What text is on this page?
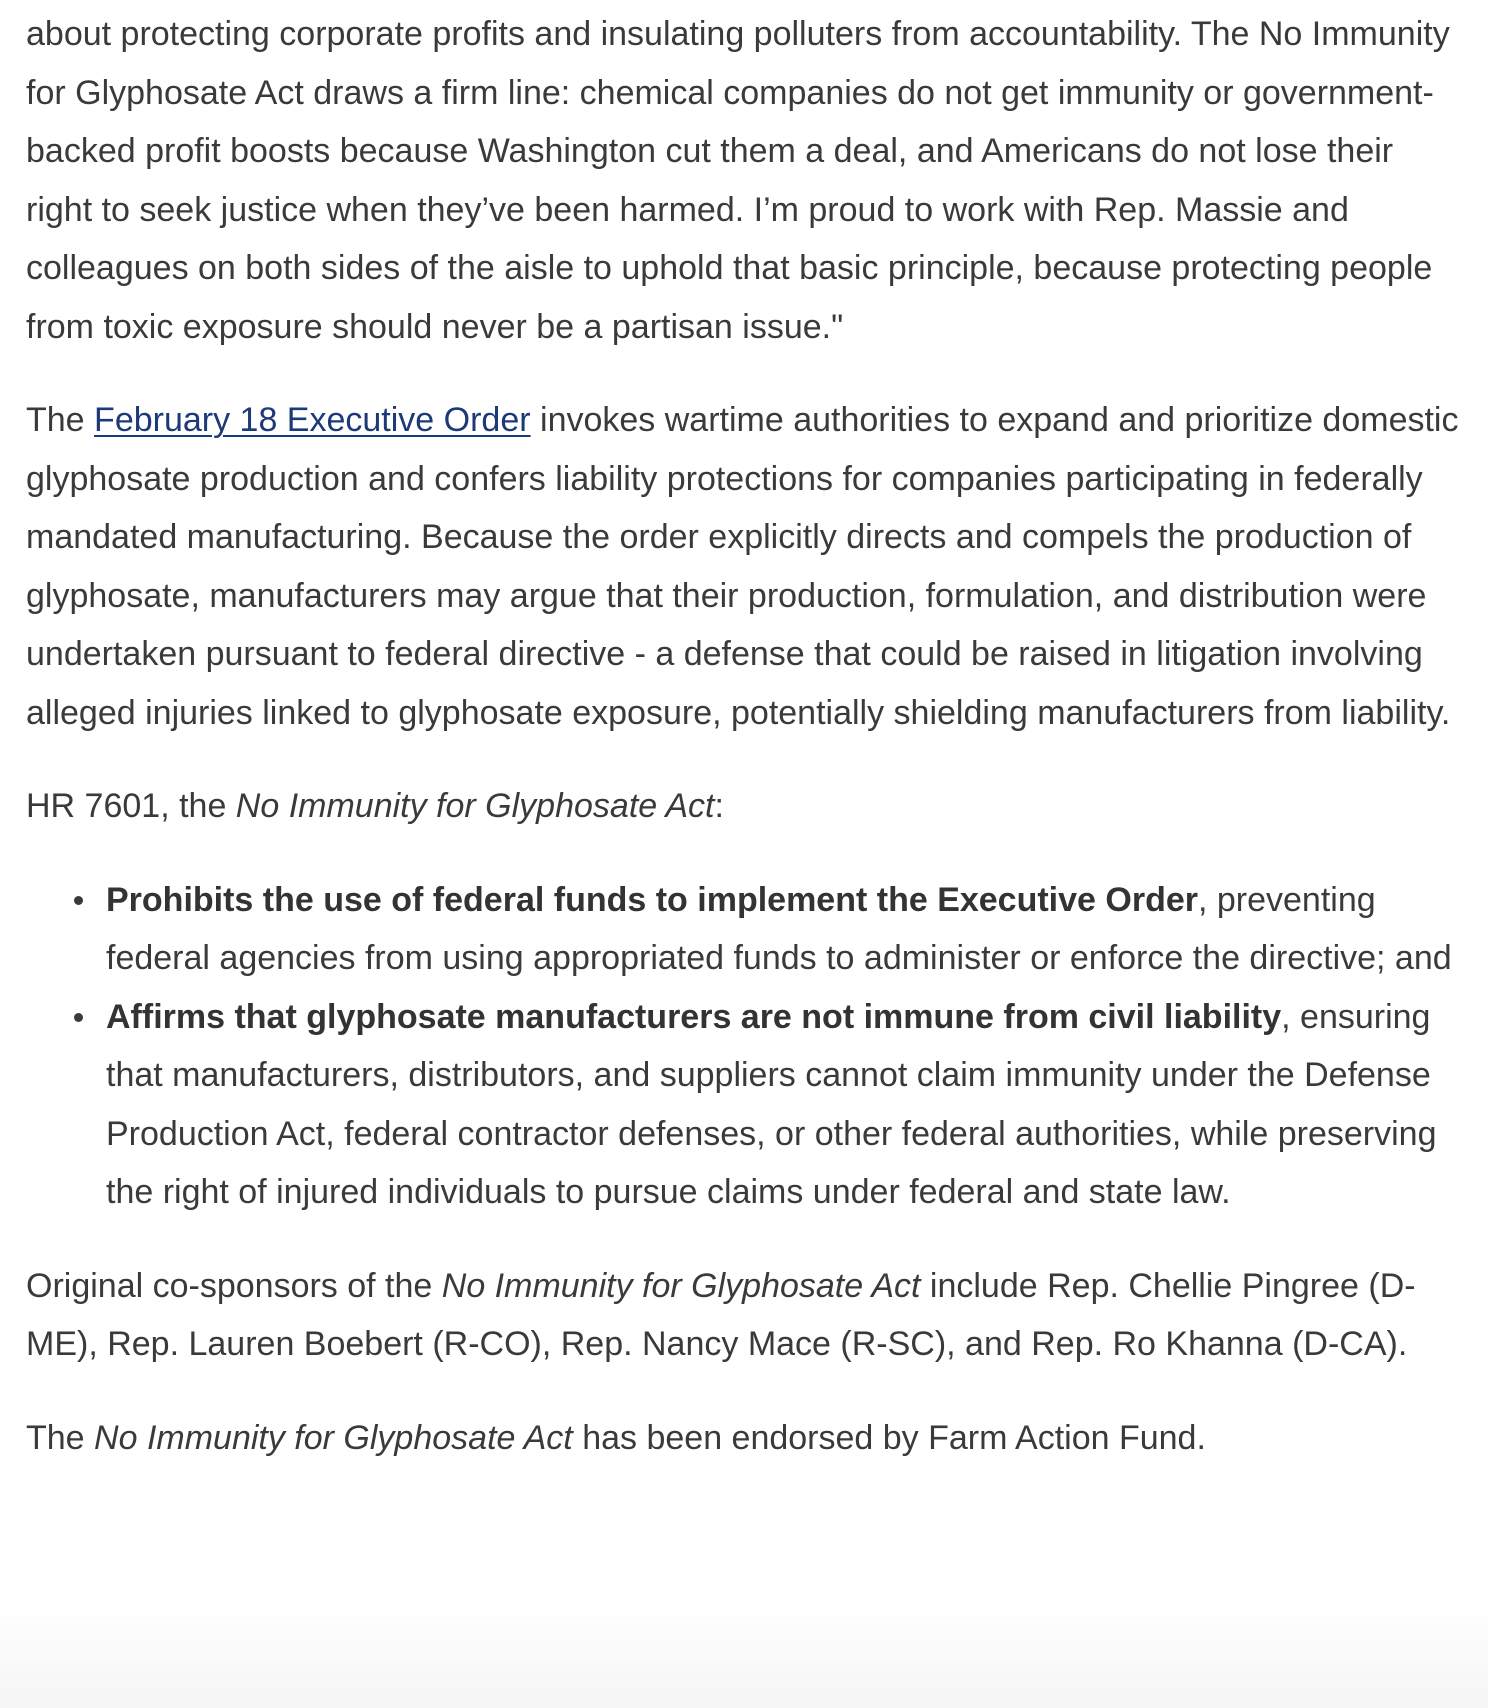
about protecting corporate profits and insulating polluters from accountability. The No Immunity for Glyphosate Act draws a firm line: chemical companies do not get immunity or government-backed profit boosts because Washington cut them a deal, and Americans do not lose their right to seek justice when they’ve been harmed. I’m proud to work with Rep. Massie and colleagues on both sides of the aisle to uphold that basic principle, because protecting people from toxic exposure should never be a partisan issue."

The February 18 Executive Order invokes wartime authorities to expand and prioritize domestic glyphosate production and confers liability protections for companies participating in federally mandated manufacturing. Because the order explicitly directs and compels the production of glyphosate, manufacturers may argue that their production, formulation, and distribution were undertaken pursuant to federal directive - a defense that could be raised in litigation involving alleged injuries linked to glyphosate exposure, potentially shielding manufacturers from liability.

HR 7601, the No Immunity for Glyphosate Act:

Prohibits the use of federal funds to implement the Executive Order, preventing federal agencies from using appropriated funds to administer or enforce the directive; and
Affirms that glyphosate manufacturers are not immune from civil liability, ensuring that manufacturers, distributors, and suppliers cannot claim immunity under the Defense Production Act, federal contractor defenses, or other federal authorities, while preserving the right of injured individuals to pursue claims under federal and state law.

Original co-sponsors of the No Immunity for Glyphosate Act include Rep. Chellie Pingree (D-ME), Rep. Lauren Boebert (R-CO), Rep. Nancy Mace (R-SC), and Rep. Ro Khanna (D-CA).

The No Immunity for Glyphosate Act has been endorsed by Farm Action Fund.
